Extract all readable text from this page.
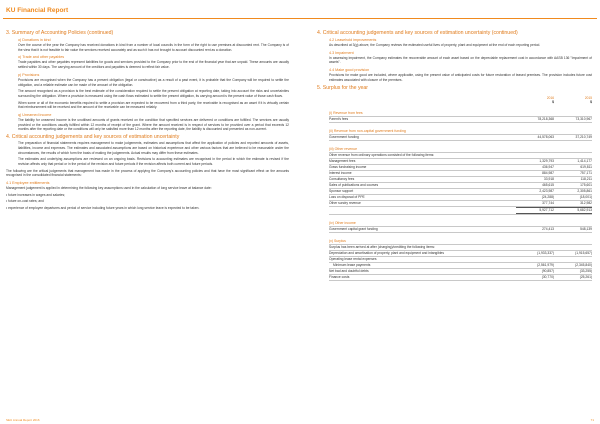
KU Financial Report
3. Summary of Accounting Policies (continued)
o) Donations in kind
Over the course of the year the Company has received donations in kind from a number of local councils in the form of the right to use premises at discounted rent. The Company is of the view that it is not feasible to fair value the services received accurately and as such it has not brought to account discounted rent as a donation.
o) Trade and other payables
Trade payables and other payables represent liabilities for goods and services provided to the Company prior to the end of the financial year that are unpaid. These amounts are usually settled within 30 days. The carrying amount of the creditors and payables is deemed to reflect fair value.
p) Provisions
Provisions are recognised when the Company has a present obligation (legal or constructive) as a result of a past event, it is probable that the Company will be required to settle the obligation, and a reliable estimate can be made of the amount of the obligation.
The amount recognised as a provision is the best estimate of the consideration required to settle the present obligation at reporting date, taking into account the risks and uncertainties surrounding the obligation. Where a provision is measured using the cash flows estimated to settle the present obligation, its carrying amount is the present value of those cash flows.
When some or all of the economic benefits required to settle a provision are expected to be recovered from a third party, the receivable is recognised as an asset if it is virtually certain that reimbursement will be received and the amount of the receivable can be measured reliably.
q) Unearned income
The liability for unearned income is the unutilised amounts of grants received on the condition that specified services are delivered or conditions are fulfilled. The services are usually provided or the conditions usually fulfilled within 12 months of receipt of the grant. Where the amount received is in respect of services to be provided over a period that exceeds 12 months after the reporting date or the conditions will only be satisfied more than 12 months after the reporting date, the liability is discounted and presented as non-current.
4. Critical accounting judgements and key sources of estimation uncertainty
The preparation of financial statements requires management to make judgements, estimates and assumptions that affect the application of policies and reported amounts of assets, liabilities, income and expenses. The estimates and associated assumptions are based on historical experience and other various factors that are believed to be reasonable under the circumstances, the results of which form the basis of making the judgements. Actual results may differ from these estimates.
The estimates and underlying assumptions are reviewed on an ongoing basis. Revisions to accounting estimates are recognised in the period in which the estimate is revised if the revision affects only that period or in the period of the revision and future periods if the revision affects both current and future periods.
The following are the critical judgements that management has made in the process of applying the Company's accounting policies and that have the most significant effect on the amounts recognised in the consolidated financial statements:
4.1 Employee entitlements
Management judgement is applied in determining the following key assumptions used in the calculation of long service leave at balance date:
• future increases in wages and salaries;
• future on-cost rates; and
• experience of employee departures and period of service including future years in which long service leave is expected to be taken.
4. Critical accounting judgements and key sources of estimation uncertainty (continued)
4.2 Leasehold improvements
As described at 3(g) above, the Company reviews the estimated useful lives of property, plant and equipment at the end of each reporting period.
4.3 Impairment
In assessing impairment, the Company estimates the recoverable amount of each asset based on the depreciable replacement cost in accordance with AASB 136 "Impairment of assets".
4.4 Make good provision
Provisions for make good are included, where applicable, using the present value of anticipated costs for future restoration of leased premises. The provision includes future cost estimates associated with closure of the premises.
5. Surplus for the year
2016	2015
$	$
(i) Revenue from fees
Parent's fees	78,218,368	73,310,967
(ii) Revenue from non-capital government funding
Government funding	44,578,063	37,210,749
(iii) Other revenue
Other revenue from ordinary operations consisted of the following items:
Management fees	1,329,793	1,414,177
Grass fundraising income	436,947	619,811
Interest income	884,987	757,171
Consultancy fees	33,918	118,211
Sales of publications and courses	465,615	175,601
Sponsor support	2,423,987	2,305,861
Loss on disposal of PPE	(24,288)	(18,001)
Other sundry revenue	377,744	312,982
5,927,712	5,682,913
(iv) Other income
Government capital grant funding	274,413	548,139
(v) Surplus
Surplus has been arrived at after (charging)/crediting the following items:
Depreciation and amortisation of property, plant and equipment and intangibles	(1,933,337)	(1,915,657)
Operating lease rental expenses
Minimum lease payments	(2,561,979)	(2,345,840)
Net bad and doubtful debts	(90,857)	(33,255)
Finance costs	(30,770)	(25,261)
SEU Annual Report 2016	71
